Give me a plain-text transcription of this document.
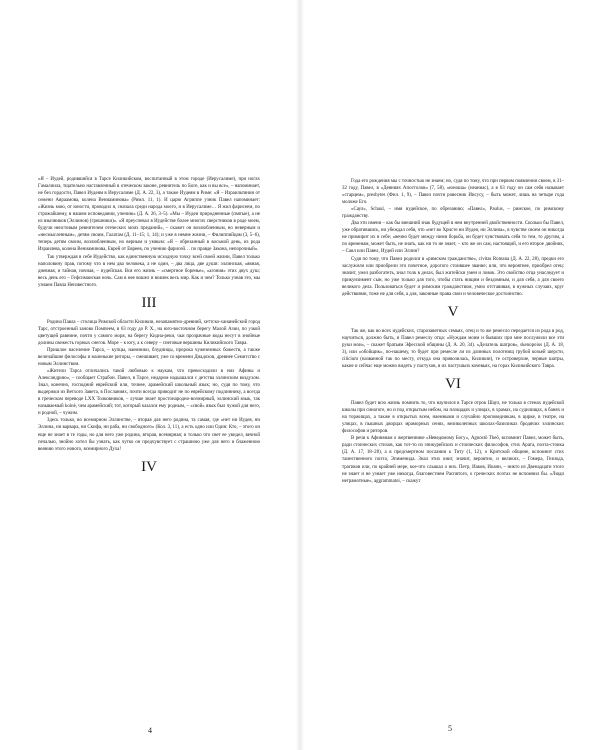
«Я – Иудей, родившийся в Тарсе Киликийском, воспитанный в этом городе (Иерусалиме), при ногах Гамалиила, тщательно наставленный в отеческом законе, ревнитель по Боге, как и вы все», – напоминает, не без гордости, Павел Иудеям в Иерусалиме (Д. А. 22, 3), а также Иудеям в Риме: «Я – Израильтянин от семени Авраамова, колена Вениаминова» (Римл. 11, 1). И царю Агриппе узник Павел напоминает: «Жизнь мою, от юности, проводил я, сначала среди народа моего, и в Иерусалиме… Я жил фарисеем, по строжайшему, в нашем исповедании, учению» (Д. А. 26, 3–5). «Мы – Иудеи природненные (святые), а не из язычников (Эллинов) (грешники)». «Я преуспевал в Иудействе более многих сверстников в роде моем, будучи неистовым ревнителем отеческих моих преданий», – скажет он возлюбленным, но неверным и «несмысленным», детям своим, Галатам (Д. 11–15; 1, 14); и уже в немне жизни, – Филиппийцам (3, 5–6), теперь детям своим, возлюбленным, но верным и умным: «Я – обрезанный в восьмой день, из рода Израилева, колена Вениаминова, Еврей от Евреев, по учению фарисей… по правде Закона, непорочный».

Так утверждая в себе Иудейство, как единственную исходную точку всей своей жизни, Павел только наполовину прав, потому что в нем два человека, а не один, – два лица, две души: эллинская, «явная, дневная, и тайная, ночная, – иудейская. Вся его жизнь – «смертное боренье», «агония» этих двух душ; весь день его – Гефсиманская ночь. Сам в нее вошел и вовлек весь мир. Как и чем? Только узнав это, мы узнаем Павла Неизвестного.

III

Родина Павла – столица Римской области Киликии, незапамятно-древний, хеттско-хананейский город Тарс, отстроенный заново Помпеем, в 63 году до Р. Х., на юго-восточном берегу Малой Азии, по узкой цветущей равнине, почти у самого моря, на берегу Кидна-реки, чьи прозрачные воды несут в знойные долины свежесть горных снегов. Море – к югу, а к северу – снеговые вершины Киликийского Тавра.

Пришлое население Тарса, – купцы, наемники, блудницы, пророка чужеземных божеств, а также величайшие философы и маленькие риторы, – смешивает, уже со времени Диадохов, древнее Семитство с новым Эллинством.

«Жители Тарса отличались такой любовью к наукам, что превосходили в них Афины и Александрию», – сообщает Страбон. Павел, в Тарсе, недаром надышался с детства эллинским воздухом. Знал, конечно, господний еврейский или, точнее, арамейский школьный язык; но, судя по тому, что выдержки из Ветхого Завета, в Посланиях, почти всегда приводит не по еврейскому подлиннику, а всегда в греческом переводе LXX Толковников, – лучше знает простонародно-всемирный, эллинский язык, так называемый koinè, чем арамейский; тот, который казался ему родным, – «свой» язык был чужой для него, и родной, – чужим.

Здесь только, во всемирном Эллинстве, – вторая для него родина, та самая, где «нет ни Иудея, ни Эллина, ни варвара, ни Скифа, ни раба, ни свободного» (Кол. 3, 11), а есть одно или Один: Кто, – этого он еще не знает в те годы, но для него уже родина, вторая, всемирная; и только что свет ее увидел, вечной печалью, знойно хотел бы узнать, как чутко он предчувствует с страшною уже для него и блаженною веянию этого нового, всемирного Духа!

IV
4

Года его рождения мы с точностью не знаем; но, судя по тому, что при первом появлении своем, в 31–32 году, Павел, в «Деяниях Апостолов» (7, 58), «юноша» (неаниас), а в 63 году он сам себя называет «старцем», presbytes (Фил. 1, 9), – Павел почти ровесник Иисусу, – быть может, лишь на четыре года моложе Его.

«Саул», Schaul, – имя иудейское, по обрезанию; «Павел», Paulus, – римское, по римскому гражданству.

Два эти имени – как бы внешний знак будущей в нем внутренней двойственности. Сколько бы Павел, уже обратившись, ни убеждал себя, что «нет во Христе ни Иудея, ни Эллина», в чувстве своем он никогда не примирит их в себе; «вечно будет между ними борьба, он будет чувствовать себя то тем, то другим, а по временам, может быть, не знать, как ни то не знает, – кто же он сам, настоящий, и его второе двойник, – Савл или Павел, Иудей или Эллин?

Судя по тому, что Павел родился в «римском гражданстве», civitas Romana (Д. А. 22, 28), предки его заслужили или приобрели это почетное, дорогого стоившее звание; или, что вероятнее, приобрел отец: значит, умел разбогатеть, знал толк в делах, был житейски умен и ловок. Это свойство отца унаследует и прикунзимент сын, но уже только для того, чтобы стать нищим и бездомным, и для себя, а для своего великого дела. Пользоваться будет и римским гражданством, умно отставивая, в нужных случаях, круг действиями, тоже не для себя, а для, законные права свои и человеческое достоинство.

V

Так же, как во всех иудейских, старозаветных семьях, отец и то же ремесло передается из рода в род, научиться, должно быть, и Павел ремеслу отца: «Нуждам моим и бывших при мне послужили все эти руки мои», – скажет братьям Эфесской общины (Д. А. 20, 34). «Делатель шатров», skenopoios (Д. А. 18, 3), или «обойщик», по-нашему, то будет при ремесле ли из длинных полотнищ грубой козьей шерсти, cilicium (названной так по месту, откуда она привозилась, Киликии), те островерхие, черные шатры, какие и сейчас еще можно видеть у пастухов, в их пастушьих кочевьях, на горах Киликийского Тавра.

VI

Павел будет всю жизнь помнить то, что научился в Тарсе отрок Шаул, не только в стенах иудейской школы при синагоге, но и под открытым небом, на площадях и улицах, в храмах, на судилищах, в банях и на торжищах, а также в открытых всем, наемными и случайно проповедникам, в цирке, в театре, на улицах, в пышных дворцах мраморных сенях, великолепных школах-базиликах бродячих эллинских философов и риторов.

В речи к Афинянам о жертвеннике «Неведомому Богу», Agnostô Theô, вспомнит Павел, может быть, ради стоических стихов, как тот-то из эпикурейских и стоических философов, стих Арата, поэта-стоика (Д. А. 17, 18–28), а в предсмертном послании к Титу (1, 12), о Критской общине, вспомнит стих таинственного поэта, Эпименида. Знал этих книг, значит, вероятно, и великих, – Гомера, Гезиода, трагиков или, по крайней мере, кое-что слышал о них. Петр, Иаков, Иоанн, – никто из Двенадцати этого не знает и не узнает уже никогда, благовестием Распятого, о греческих поэтах не вспомнил бы. «Люди неграмотные», aggrammatoi, – скажут

5
